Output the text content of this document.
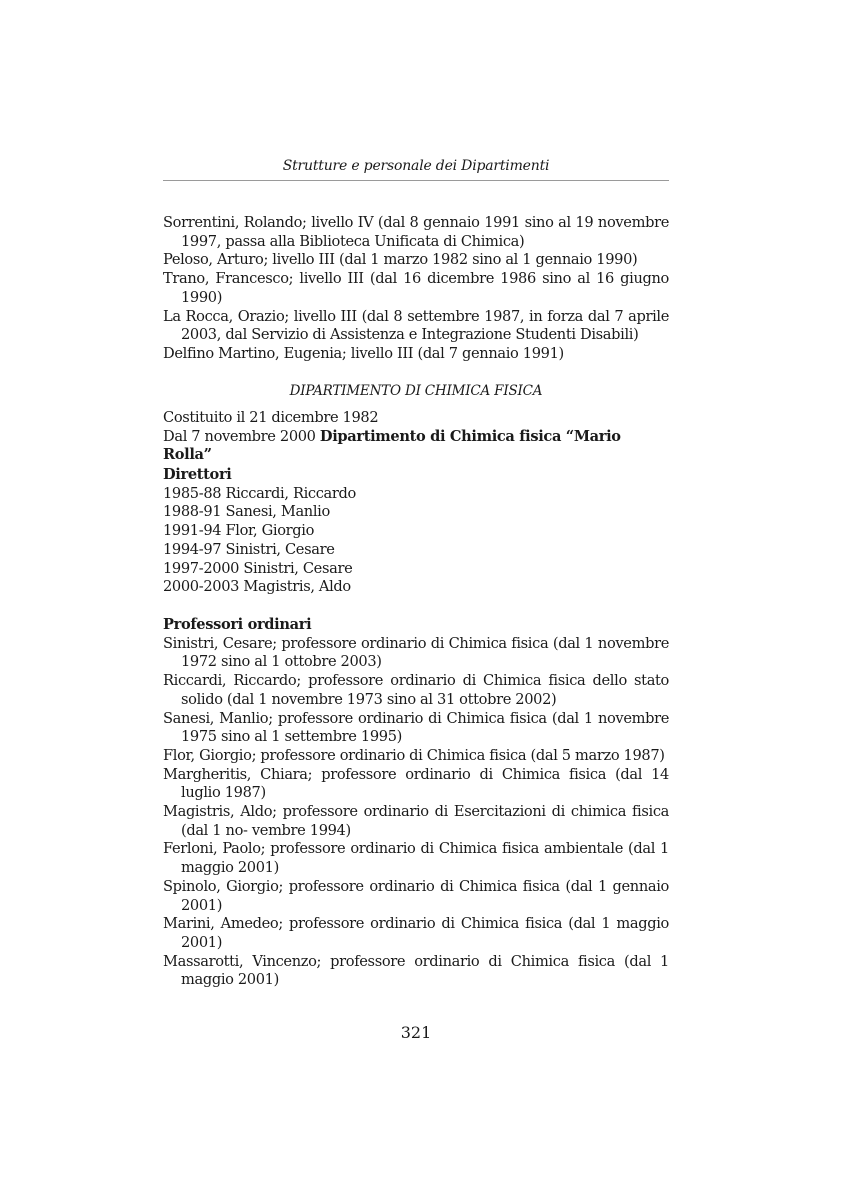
Strutture e personale dei Dipartimenti

Sorrentini, Rolando; livello IV (dal 8 gennaio 1991 sino al 19 novembre 1997, passa alla Biblioteca Unificata di Chimica)

Peloso, Arturo; livello III (dal 1 marzo 1982 sino al 1 gennaio 1990)

Trano, Francesco; livello III (dal 16 dicembre 1986 sino al 16 giugno 1990)

La Rocca, Orazio; livello III (dal 8 settembre 1987, in forza dal 7 aprile 2003, dal Servizio di Assistenza e Integrazione Studenti Disabili)

Delfino Martino, Eugenia; livello III (dal 7 gennaio 1991)

DIPARTIMENTO DI CHIMICA FISICA

Costituito il 21 dicembre 1982

Dal 7 novembre 2000 Dipartimento di Chimica fisica “Mario Rolla”

Direttori

1985-88 Riccardi, Riccardo

1988-91 Sanesi, Manlio

1991-94 Flor, Giorgio

1994-97 Sinistri, Cesare

1997-2000 Sinistri, Cesare

2000-2003 Magistris, Aldo

Professori ordinari

Sinistri, Cesare; professore ordinario di Chimica fisica (dal 1 novembre 1972 sino al 1 ottobre 2003)

Riccardi, Riccardo; professore ordinario di Chimica fisica dello stato solido (dal 1 novembre 1973 sino al 31 ottobre 2002)

Sanesi, Manlio; professore ordinario di Chimica fisica (dal 1 novembre 1975 sino al 1 settembre 1995)

Flor, Giorgio; professore ordinario di Chimica fisica (dal 5 marzo 1987)

Margheritis, Chiara; professore ordinario di Chimica fisica (dal 14 luglio 1987)

Magistris, Aldo; professore ordinario di Esercitazioni di chimica fisica (dal 1 no- vembre 1994)

Ferloni, Paolo; professore ordinario di Chimica fisica ambientale (dal 1 maggio 2001)

Spinolo, Giorgio; professore ordinario di Chimica fisica (dal 1 gennaio 2001)

Marini, Amedeo; professore ordinario di Chimica fisica (dal 1 maggio 2001)

Massarotti, Vincenzo; professore ordinario di Chimica fisica (dal 1 maggio 2001)

321
